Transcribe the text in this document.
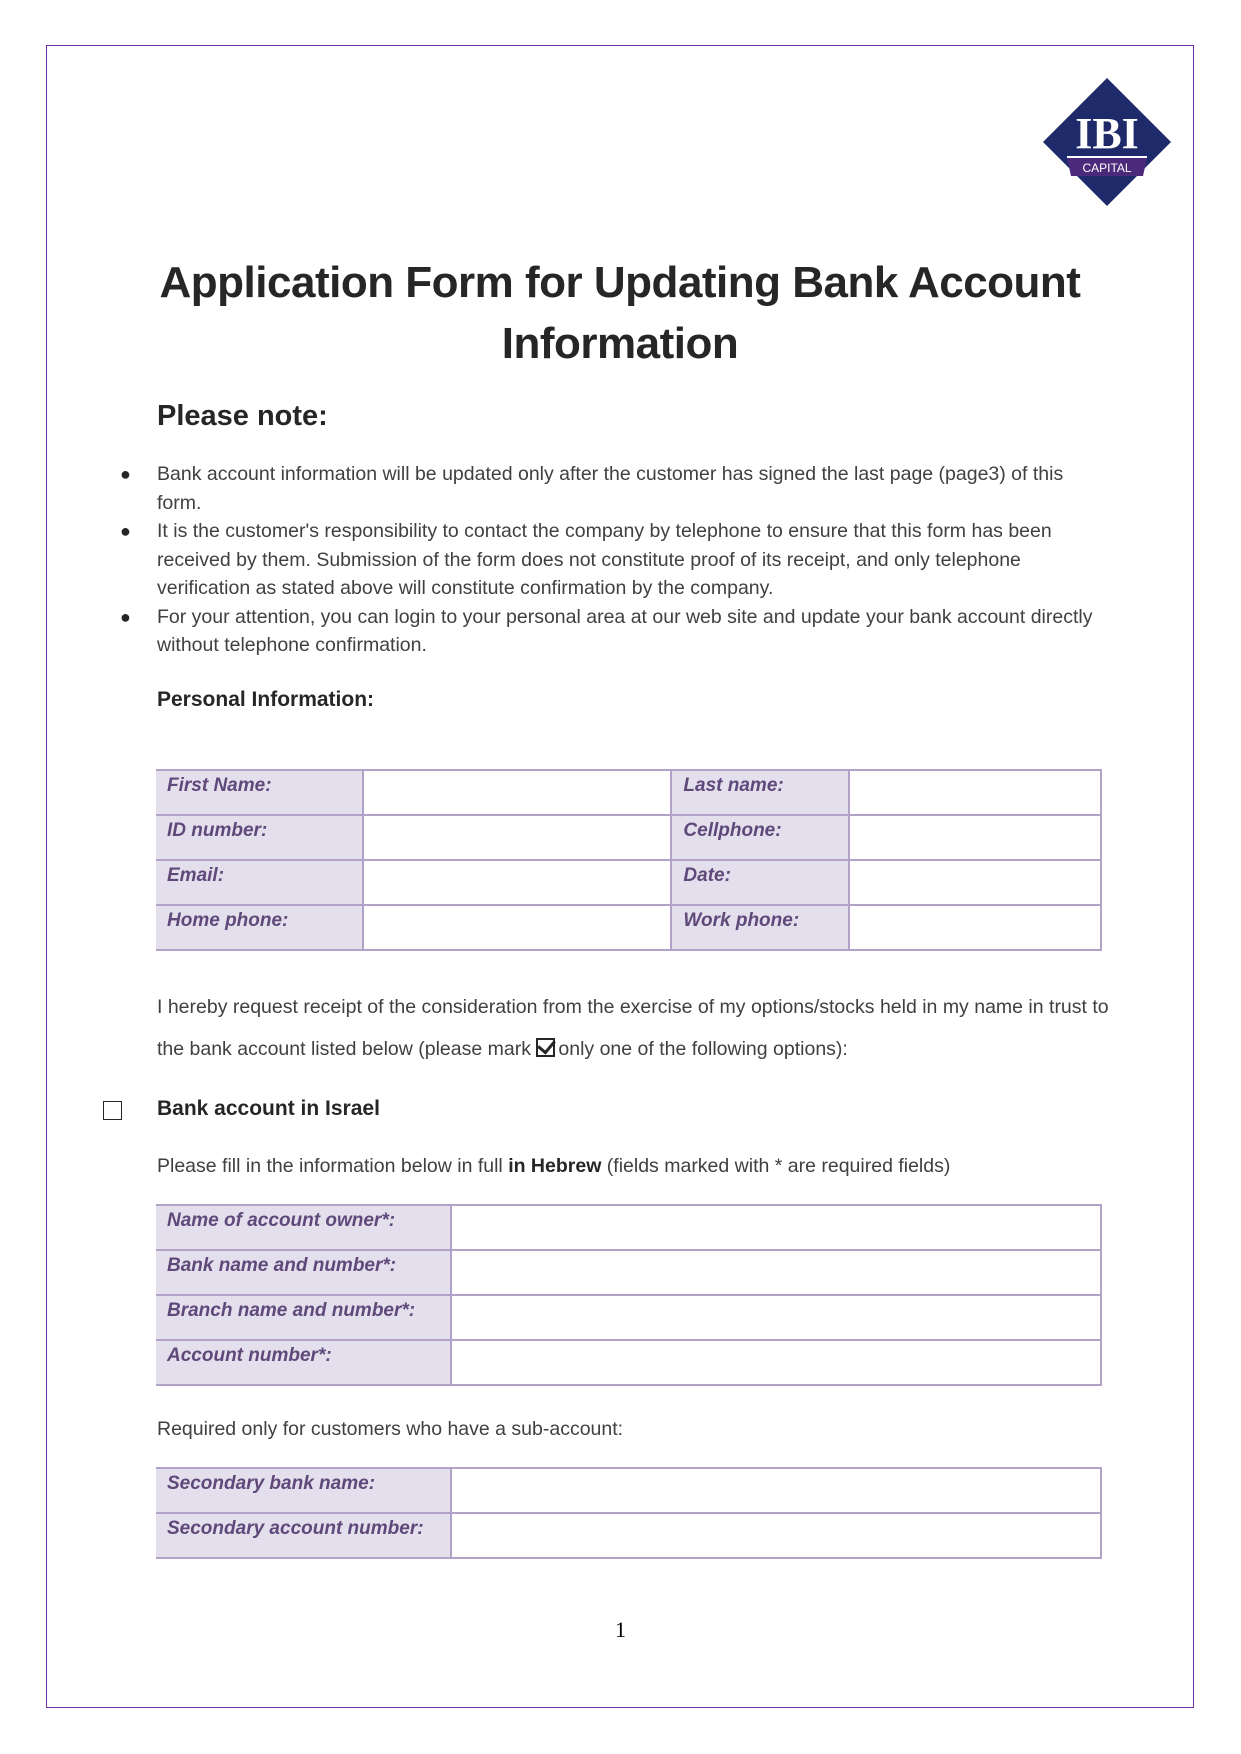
IBI
CAPITAL
Application Form for Updating Bank Account
Information
Please note:
● Bank account information will be updated only after the customer has signed the last page (page3) of this form.
● It is the customer's responsibility to contact the company by telephone to ensure that this form has been received by them. Submission of the form does not constitute proof of its receipt, and only telephone verification as stated above will constitute confirmation by the company.
● For your attention, you can login to your personal area at our web site and update your bank account directly without telephone confirmation.
Personal Information:
First Name:		Last name:	
ID number:		Cellphone:	
Email:		Date:	
Home phone:		Work phone:	
I hereby request receipt of the consideration from the exercise of my options/stocks held in my name in trust to the bank account listed below (please mark only one of the following options):
Bank account in Israel
Please fill in the information below in full in Hebrew (fields marked with * are required fields)
Name of account owner*:	
Bank name and number*:	
Branch name and number*:	
Account number*:	
Required only for customers who have a sub-account:
Secondary bank name:	
Secondary account number:	
1
